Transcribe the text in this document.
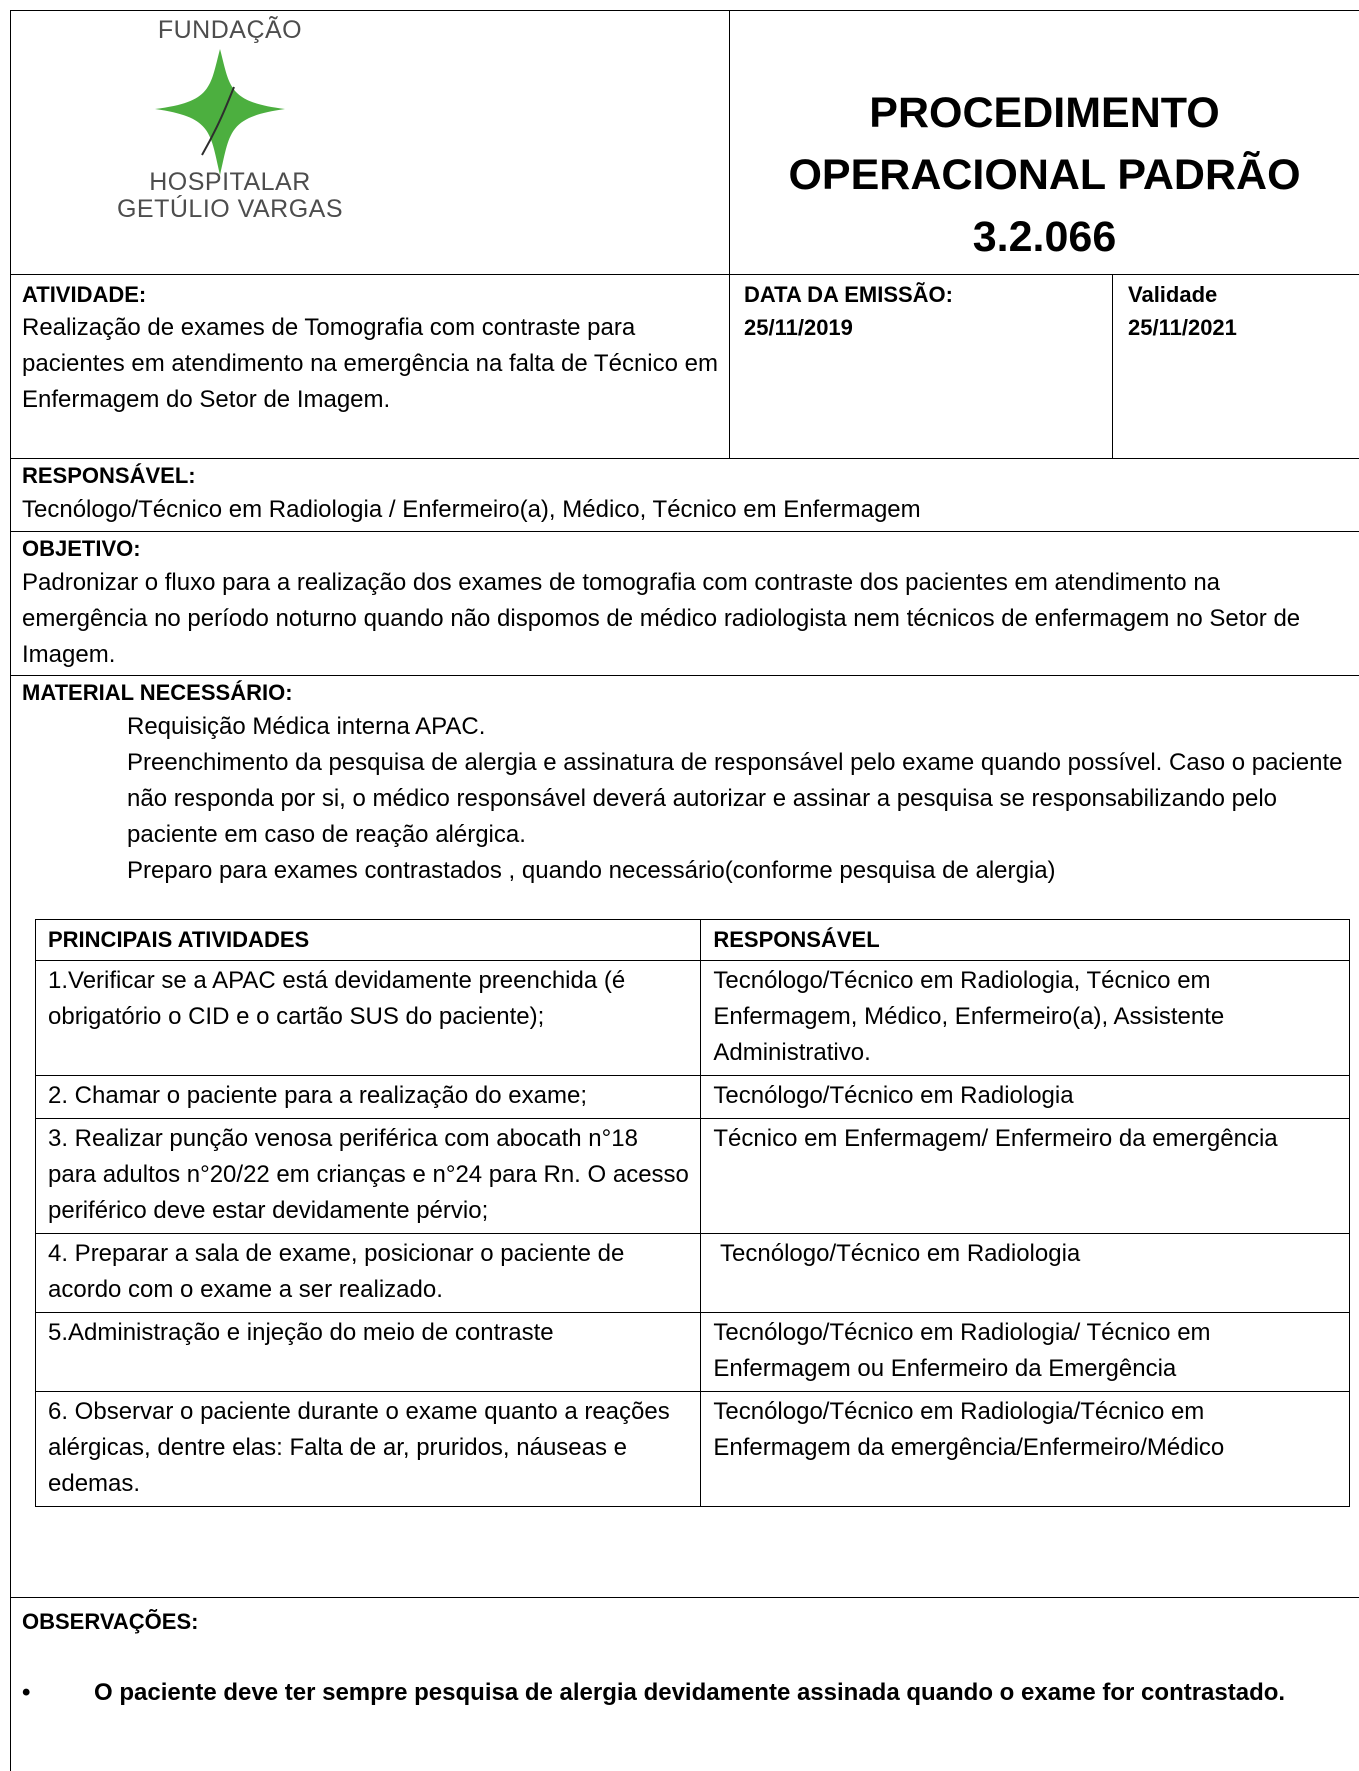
FUNDAÇÃO
HOSPITALAR
GETÚLIO VARGAS
PROCEDIMENTO
OPERACIONAL PADRÃO
3.2.066
ATIVIDADE:
Realização de exames de Tomografia com contraste para pacientes em atendimento na emergência na falta de Técnico em Enfermagem do Setor de Imagem.
DATA DA EMISSÃO:
25/11/2019
Validade
25/11/2021
RESPONSÁVEL:
Tecnólogo/Técnico em Radiologia / Enfermeiro(a), Médico, Técnico em Enfermagem
OBJETIVO:
Padronizar o fluxo para a realização dos exames de tomografia com contraste dos pacientes em atendimento na emergência no período noturno quando não dispomos de médico radiologista nem técnicos de enfermagem no Setor de Imagem.
MATERIAL NECESSÁRIO:
Requisição Médica interna APAC.
Preenchimento da pesquisa de alergia e assinatura de responsável pelo exame quando possível. Caso o paciente não responda por si, o médico responsável deverá autorizar e assinar a pesquisa se responsabilizando pelo paciente em caso de reação alérgica.
Preparo para exames contrastados , quando necessário(conforme pesquisa de alergia)
PRINCIPAIS ATIVIDADES	RESPONSÁVEL
1.Verificar se a APAC está devidamente preenchida (é obrigatório o CID e o cartão SUS do paciente);	Tecnólogo/Técnico em Radiologia, Técnico em Enfermagem, Médico, Enfermeiro(a), Assistente Administrativo.
2. Chamar o paciente para a realização do exame;	Tecnólogo/Técnico em Radiologia
3. Realizar punção venosa periférica com abocath n°18 para adultos n°20/22 em crianças e n°24 para Rn. O acesso periférico deve estar devidamente pérvio;	Técnico em Enfermagem/ Enfermeiro da emergência
4. Preparar a sala de exame, posicionar o paciente de acordo com o exame a ser realizado.	Tecnólogo/Técnico em Radiologia
5.Administração e injeção do meio de contraste	Tecnólogo/Técnico em Radiologia/ Técnico em Enfermagem ou Enfermeiro da Emergência
6. Observar o paciente durante o exame quanto a reações alérgicas, dentre elas: Falta de ar, pruridos, náuseas e edemas.	Tecnólogo/Técnico em Radiologia/Técnico em Enfermagem da emergência/Enfermeiro/Médico
OBSERVAÇÕES:
•	O paciente deve ter sempre pesquisa de alergia devidamente assinada quando o exame for contrastado.
